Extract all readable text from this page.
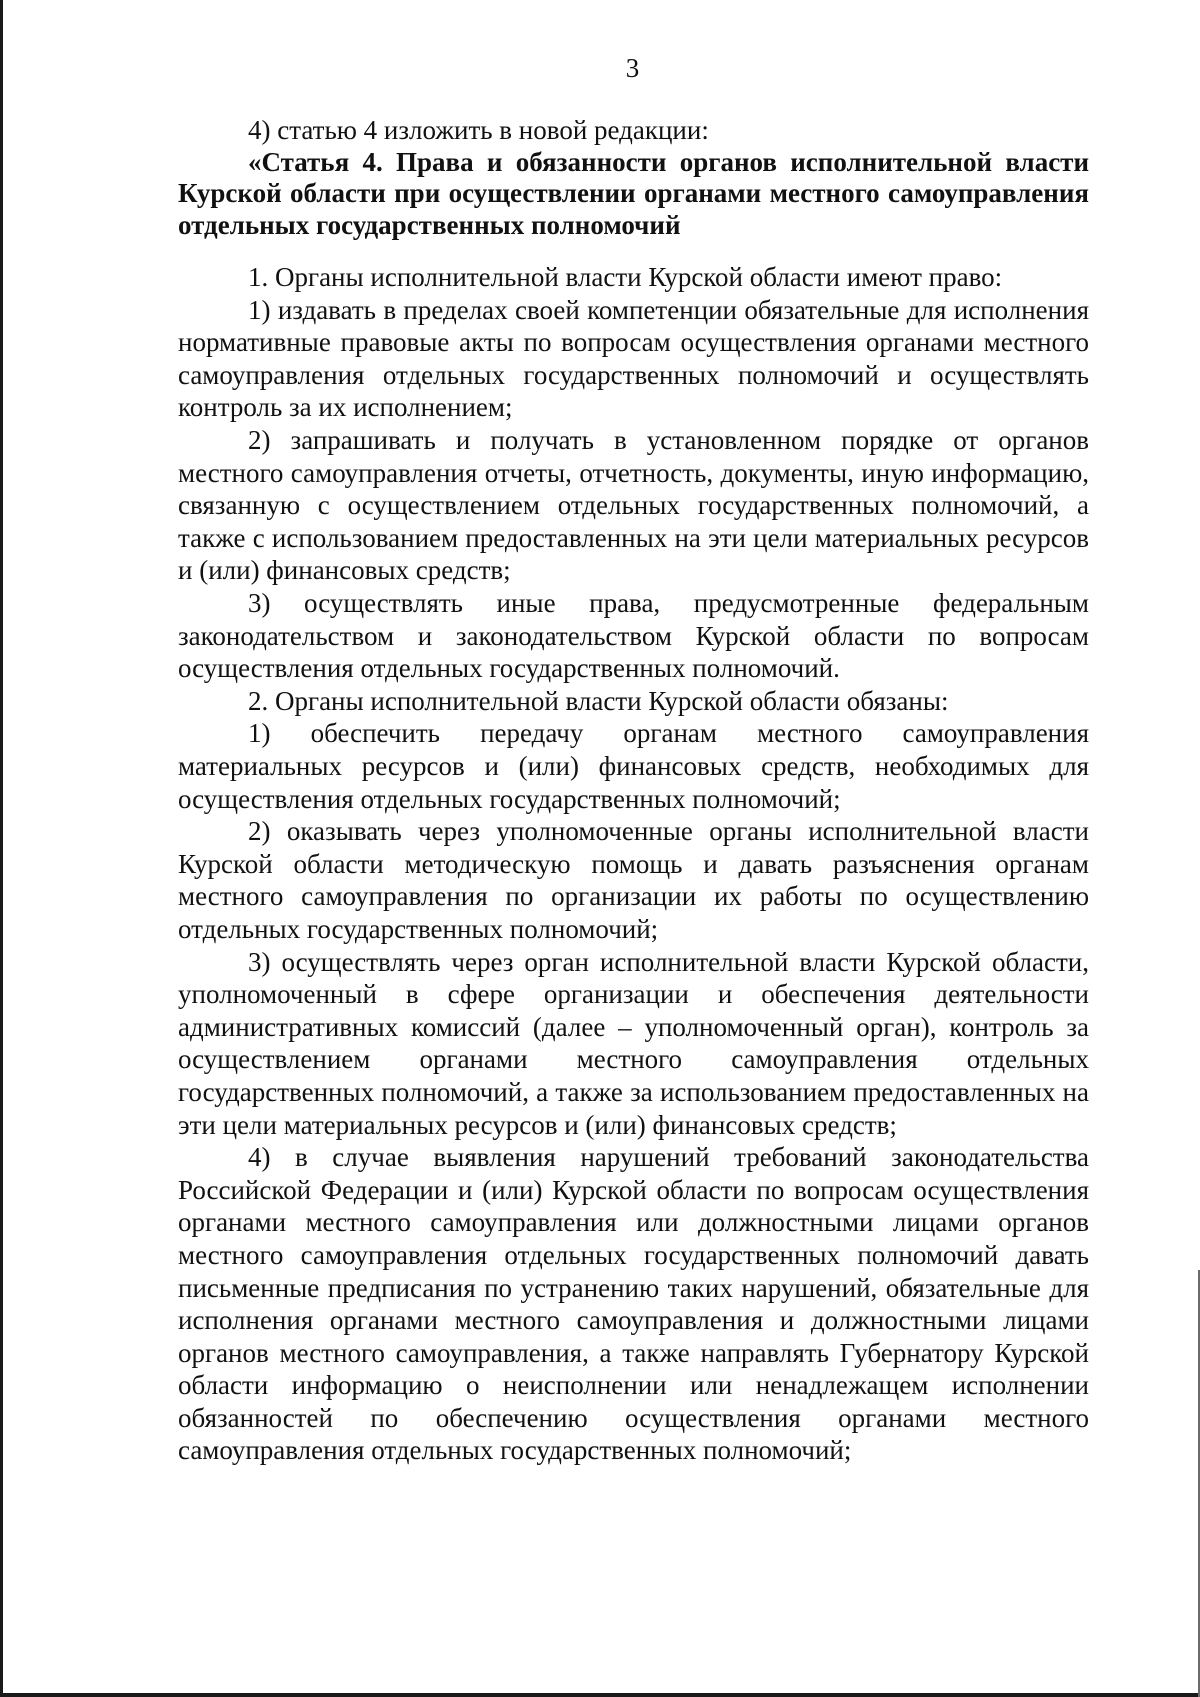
3

4) статью 4 изложить в новой редакции:

«Статья 4. Права и обязанности органов исполнительной власти Курской области при осуществлении органами местного самоуправления отдельных государственных полномочий

1. Органы исполнительной власти Курской области имеют право:

1) издавать в пределах своей компетенции обязательные для исполнения нормативные правовые акты по вопросам осуществления органами местного самоуправления отдельных государственных полномочий и осуществлять контроль за их исполнением;

2) запрашивать и получать в установленном порядке от органов местного самоуправления отчеты, отчетность, документы, иную информацию, связанную с осуществлением отдельных государственных полномочий, а также с использованием предоставленных на эти цели материальных ресурсов и (или) финансовых средств;

3) осуществлять иные права, предусмотренные федеральным законодательством и законодательством Курской области по вопросам осуществления отдельных государственных полномочий.

2. Органы исполнительной власти Курской области обязаны:

1) обеспечить передачу органам местного самоуправления материальных ресурсов и (или) финансовых средств, необходимых для осуществления отдельных государственных полномочий;

2) оказывать через уполномоченные органы исполнительной власти Курской области методическую помощь и давать разъяснения органам местного самоуправления по организации их работы по осуществлению отдельных государственных полномочий;

3) осуществлять через орган исполнительной власти Курской области, уполномоченный в сфере организации и обеспечения деятельности административных комиссий (далее – уполномоченный орган), контроль за осуществлением органами местного самоуправления отдельных государственных полномочий, а также за использованием предоставленных на эти цели материальных ресурсов и (или) финансовых средств;

4) в случае выявления нарушений требований законодательства Российской Федерации и (или) Курской области по вопросам осуществления органами местного самоуправления или должностными лицами органов местного самоуправления отдельных государственных полномочий давать письменные предписания по устранению таких нарушений, обязательные для исполнения органами местного самоуправления и должностными лицами органов местного самоуправления, а также направлять Губернатору Курской области информацию о неисполнении или ненадлежащем исполнении обязанностей по обеспечению осуществления органами местного самоуправления отдельных государственных полномочий;
